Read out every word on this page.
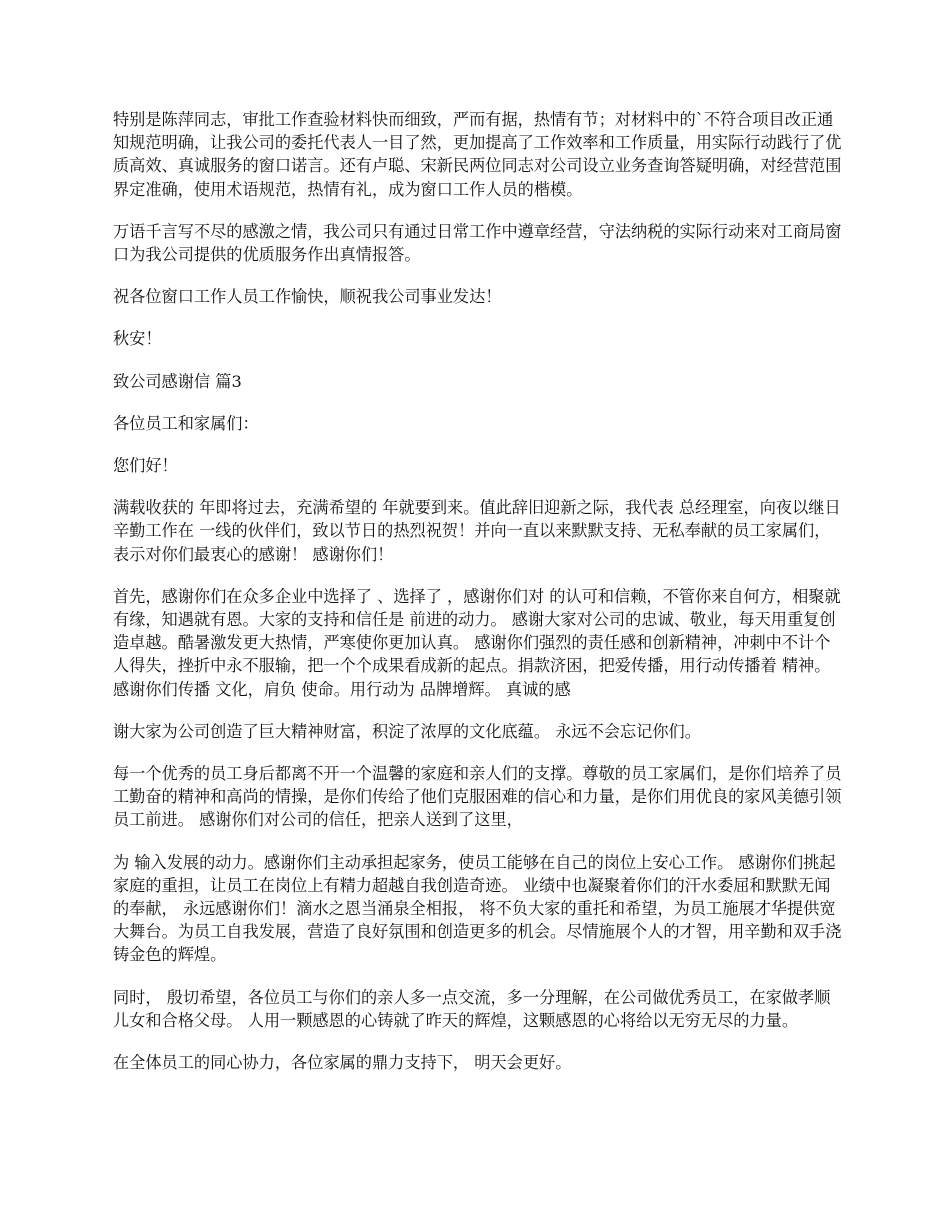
特别是陈萍同志，审批工作查验材料快而细致，严而有据，热情有节；对材料中的`不符合项目改正通知规范明确，让我公司的委托代表人一目了然，更加提高了工作效率和工作质量，用实际行动践行了优质高效、真诚服务的窗口诺言。还有卢聪、宋新民两位同志对公司设立业务查询答疑明确，对经营范围界定准确，使用术语规范，热情有礼，成为窗口工作人员的楷模。

万语千言写不尽的感激之情，我公司只有通过日常工作中遵章经营，守法纳税的实际行动来对工商局窗口为我公司提供的优质服务作出真情报答。

祝各位窗口工作人员工作愉快，顺祝我公司事业发达！

秋安！

致公司感谢信 篇3

各位员工和家属们：

您们好！

满载收获的 年即将过去，充满希望的 年就要到来。值此辞旧迎新之际，我代表 总经理室，向夜以继日辛勤工作在 一线的伙伴们，致以节日的热烈祝贺！并向一直以来默默支持、无私奉献的员工家属们，表示对你们最衷心的感谢！ 感谢你们！

首先，感谢你们在众多企业中选择了 、选择了 ，感谢你们对 的认可和信赖，不管你来自何方，相聚就有缘，知遇就有恩。大家的支持和信任是 前进的动力。 感谢大家对公司的忠诚、敬业，每天用重复创造卓越。酷暑激发更大热情，严寒使你更加认真。 感谢你们强烈的责任感和创新精神，冲刺中不计个人得失，挫折中永不服输，把一个个成果看成新的起点。捐款济困，把爱传播，用行动传播着 精神。感谢你们传播 文化，肩负 使命。用行动为 品牌增辉。 真诚的感

谢大家为公司创造了巨大精神财富，积淀了浓厚的文化底蕴。 永远不会忘记你们。

每一个优秀的员工身后都离不开一个温馨的家庭和亲人们的支撑。尊敬的员工家属们，是你们培养了员工勤奋的精神和高尚的情操，是你们传给了他们克服困难的信心和力量，是你们用优良的家风美德引领员工前进。 感谢你们对公司的信任，把亲人送到了这里，

为 输入发展的动力。感谢你们主动承担起家务，使员工能够在自己的岗位上安心工作。 感谢你们挑起家庭的重担，让员工在岗位上有精力超越自我创造奇迹。 业绩中也凝聚着你们的汗水委屈和默默无闻的奉献， 永远感谢你们！滴水之恩当涌泉全相报， 将不负大家的重托和希望，为员工施展才华提供宽大舞台。为员工自我发展，营造了良好氛围和创造更多的机会。尽情施展个人的才智，用辛勤和双手浇铸金色的辉煌。

同时， 殷切希望，各位员工与你们的亲人多一点交流，多一分理解，在公司做优秀员工，在家做孝顺儿女和合格父母。 人用一颗感恩的心铸就了昨天的辉煌，这颗感恩的心将给以无穷无尽的力量。

在全体员工的同心协力，各位家属的鼎力支持下， 明天会更好。
